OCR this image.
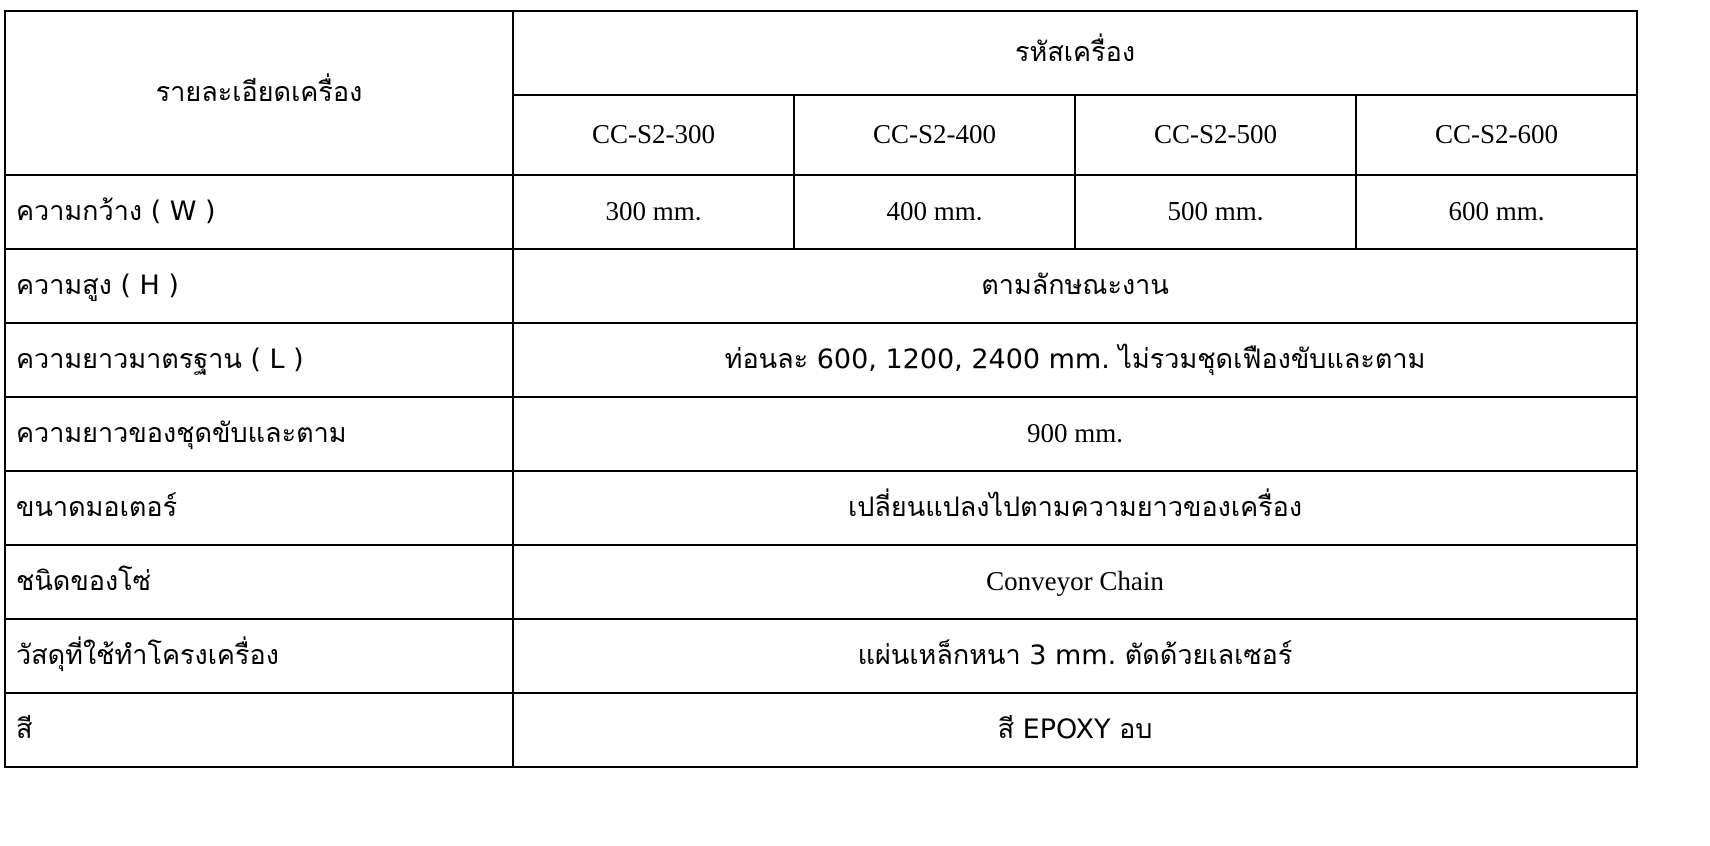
รายละเอียดเครื่อง	รหัสเครื่อง			
	CC-S2-300	CC-S2-400	CC-S2-500	CC-S2-600
ความกว้าง ( W )	300 mm.	400 mm.	500 mm.	600 mm.
ความสูง ( H )	ตามลักษณะงาน			
ความยาวมาตรฐาน ( L )	ท่อนละ 600, 1200, 2400 mm. ไม่รวมชุดเฟืองขับและตาม			
ความยาวของชุดขับและตาม	900 mm.			
ขนาดมอเตอร์	เปลี่ยนแปลงไปตามความยาวของเครื่อง			
ชนิดของโซ่	Conveyor Chain			
วัสดุที่ใช้ทำโครงเครื่อง	แผ่นเหล็กหนา 3 mm. ตัดด้วยเลเซอร์			
สี	สี EPOXY อบ			
